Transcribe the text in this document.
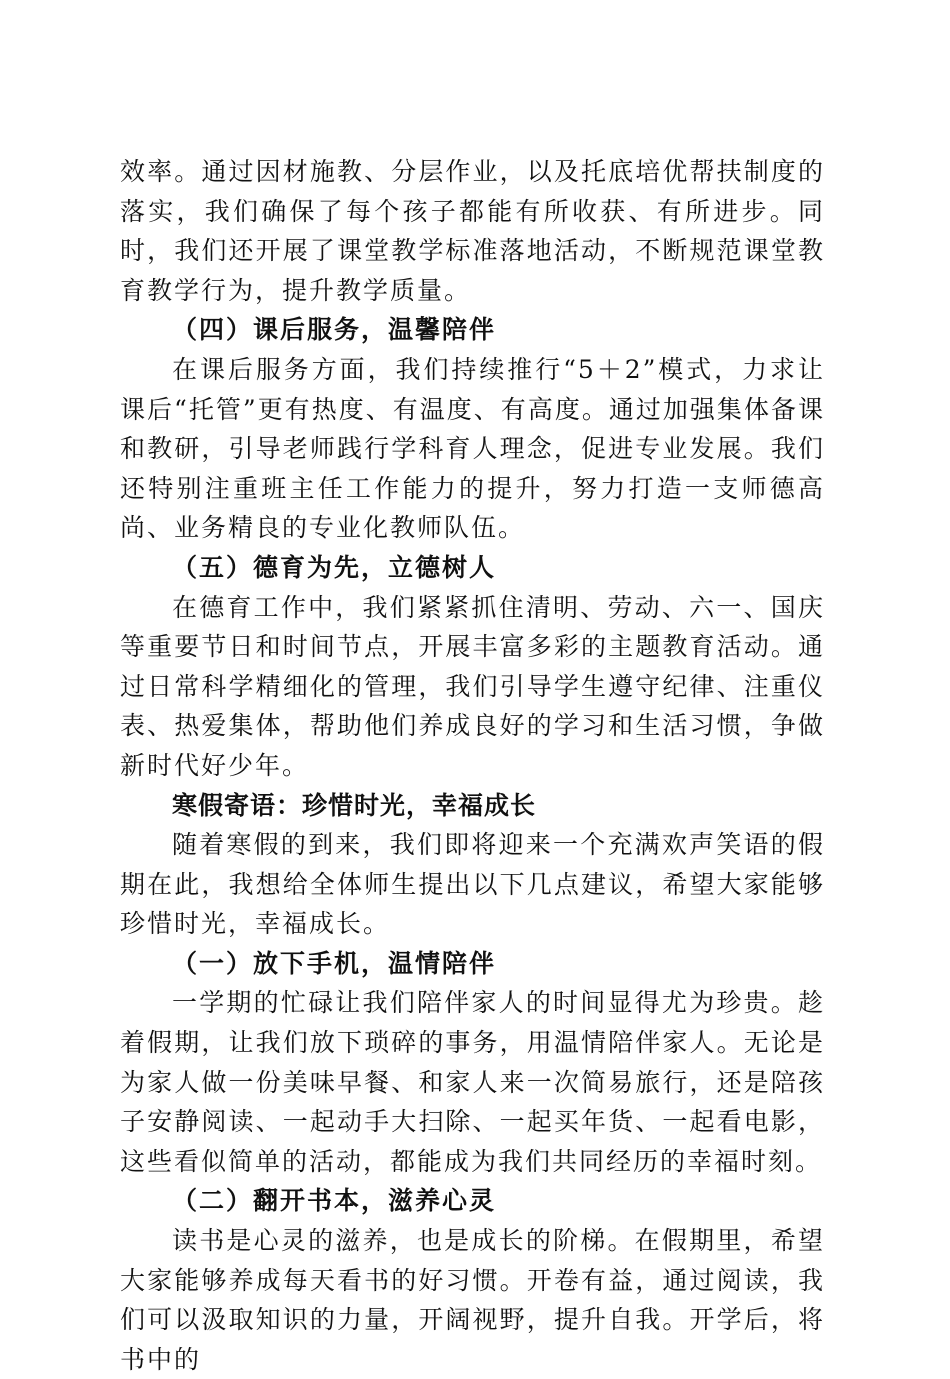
效率。通过因材施教、分层作业，以及托底培优帮扶制度的落实，我们确保了每个孩子都能有所收获、有所进步。同时，我们还开展了课堂教学标准落地活动，不断规范课堂教育教学行为，提升教学质量。

（四）课后服务，温馨陪伴

在课后服务方面，我们持续推行“5＋2”模式，力求让课后“托管”更有热度、有温度、有高度。通过加强集体备课和教研，引导老师践行学科育人理念，促进专业发展。我们还特别注重班主任工作能力的提升，努力打造一支师德高尚、业务精良的专业化教师队伍。

（五）德育为先，立德树人

在德育工作中，我们紧紧抓住清明、劳动、六一、国庆等重要节日和时间节点，开展丰富多彩的主题教育活动。通过日常科学精细化的管理，我们引导学生遵守纪律、注重仪表、热爱集体，帮助他们养成良好的学习和生活习惯，争做新时代好少年。

寒假寄语：珍惜时光，幸福成长

随着寒假的到来，我们即将迎来一个充满欢声笑语的假期在此，我想给全体师生提出以下几点建议，希望大家能够珍惜时光，幸福成长。

（一）放下手机，温情陪伴

一学期的忙碌让我们陪伴家人的时间显得尤为珍贵。趁着假期，让我们放下琐碎的事务，用温情陪伴家人。无论是为家人做一份美味早餐、和家人来一次简易旅行，还是陪孩子安静阅读、一起动手大扫除、一起买年货、一起看电影，这些看似简单的活动，都能成为我们共同经历的幸福时刻。

（二）翻开书本，滋养心灵

读书是心灵的滋养，也是成长的阶梯。在假期里，希望大家能够养成每天看书的好习惯。开卷有益，通过阅读，我们可以汲取知识的力量，开阔视野，提升自我。开学后，将书中的
